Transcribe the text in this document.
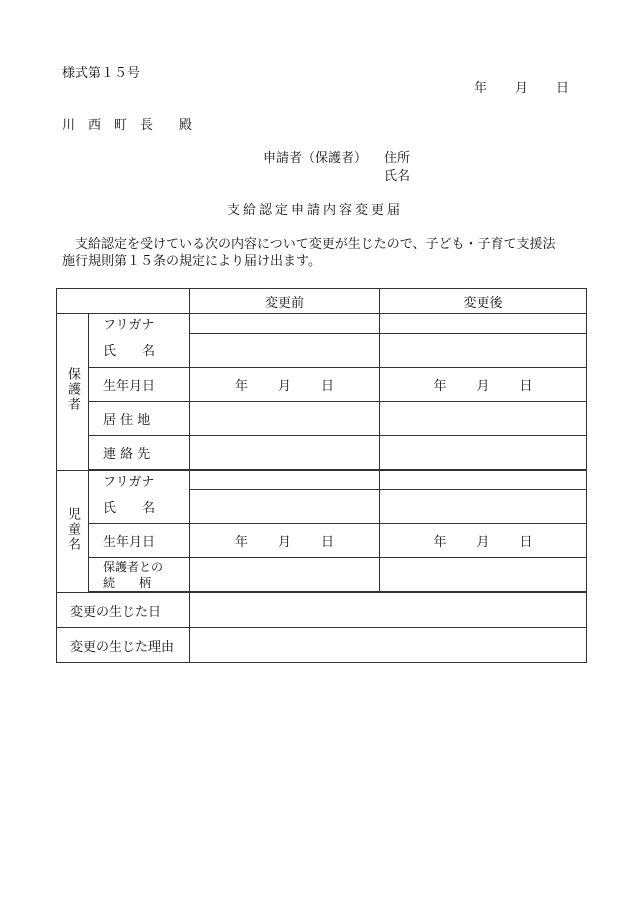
様式第１５号
年 月 日
川　西　町　長　　殿
申請者（保護者） 住所
氏名
支給認定申請内容変更届

　支給認定を受けている次の内容について変更が生じたので、子ども・子育て支援法

施行規則第１５条の規定により届け出ます。

		変更前	変更後
保護者	フリガナ		
	氏　　名		
	生年月日	年 月 日	年 月 日
	居 住 地		
	連 絡 先		

児童名	フリガナ		
	氏　　名		
	生年月日	年 月 日	年 月 日

	保護者との
続　　柄		

変更の生じた日			
変更の生じた理由			
